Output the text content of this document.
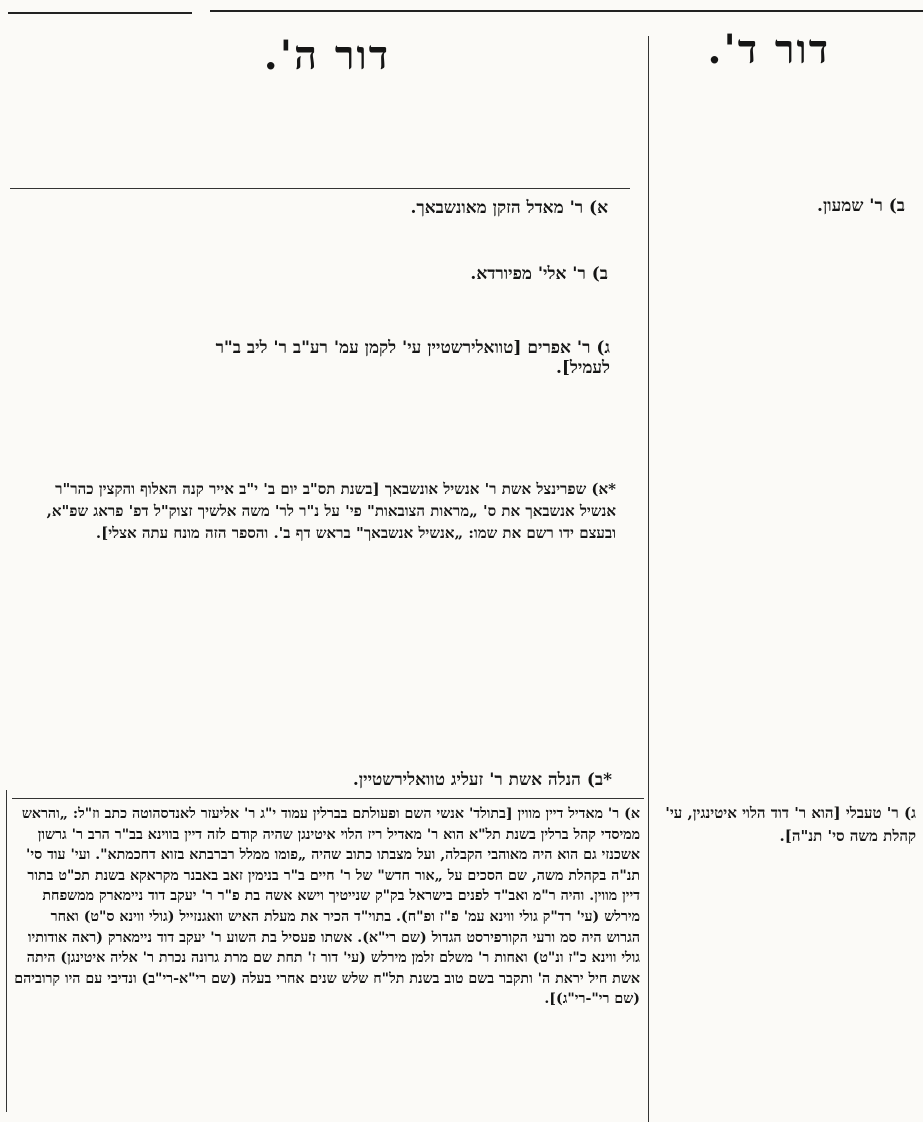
דור ד'.
דור ה'.
ב) ר' שמעון.
ג) ר' טעבלי [הוא ר' דוד הלוי איטינגין, עי' קהלת משה סי' תנ"ה].
א) ר' מאדל הזקן מאונשבאך.
ב) ר' אלי' מפיורדא.
ג) ר' אפרים [טוואלירשטיין עי' לקמן עמ' רע"ב ר' ליב ב"ר לעמיל].
*א) שפרינצל אשת ר' אנשיל אונשבאך [בשנת תס"ב יום ב' י"ב אייר קנה האלוף והקצין כהר"ר אנשיל אנשבאך את ס' „מראות הצובאות" פי' על נ"ר לר' משה אלשיך זצוק"ל דפ' פראג שפ"א, ובעצם ידו רשם את שמו: „אנשיל אנשבאך" בראש דף ב'. והספר הזה מונח עתה אצלי].
*ב) הנלה אשת ר' זעליג טוואלירשטיין.
א) ר' מאדיל דיין מווין [בתולד' אנשי השם ופעולתם בברלין עמוד י"ג ר' אליעזר לאנדסהוטה כתב וז"ל: „והראש ממיסדי קהל ברלין בשנת תל"א הוא ר' מאדיל ריז הלוי איטינגן שהיה קודם לזה דיין בווינא בב"ר הרב ר' גרשון אשכנזי גם הוא היה מאוהבי הקבלה, ועל מצבתו כתוב שהיה „פומו ממלל רברבתא בזוא דחכמתא". ועי' עוד סי' תנ"ה בקהלת משה, שם הסכים על „אור חדש" של ר' חיים ב"ר בנימין זאב באבנר מקראקא בשנת תכ"ט בתור דיין מווין. והיה ר"מ ואב"ד לפנים בישראל בק"ק שנייטיך וישא אשה בת פ"ר ר' יעקב דוד ניימארק ממשפחת מירלש (עי' רד"ק גולי ווינא עמ' פ"ז ופ"ח). בתוי"ד הכיר את מעלת האיש וואגנזייל (גולי ווינא ס"ט) ואחר הגרוש היה סמ ורעי הקורפירסט הגדול (שם רי"א). אשתו פעסיל בת השוע ר' יעקב דוד ניימארק (ראה אודותיו גולי ווינא כ"ז ונ"ט) ואחות ר' משלם זלמן מירלש (עי' דור ז' תחת שם מרת גרונה נכרת ר' אליה איטינגן) היתה אשת חיל יראת ה' ותקבר בשם טוב בשנת תל"ח שלש שנים אחרי בעלה (שם רי"א-רי"ב) ונדיבי עם היו קרוביהם (שם רי"-רי"ג)].
